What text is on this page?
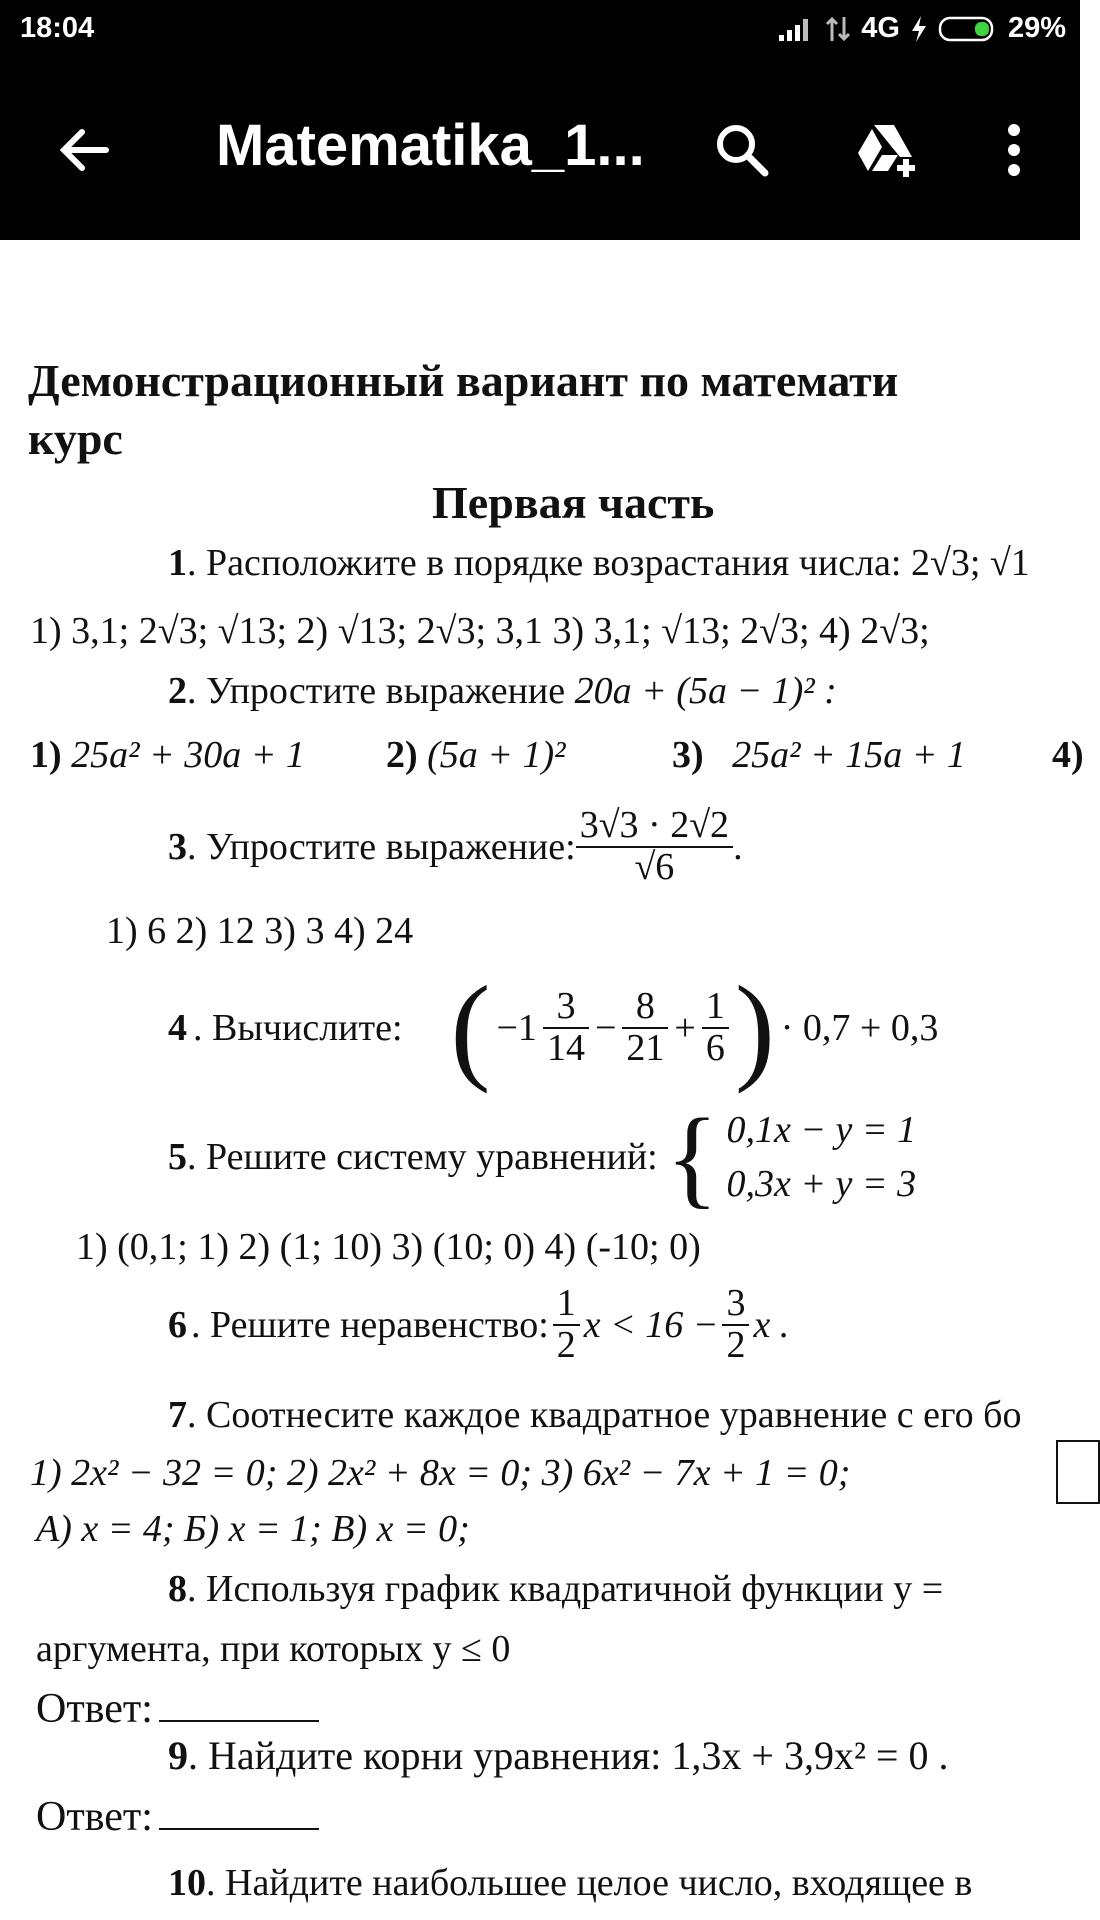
18:04	4G	29%
Matematika_1...
Демонстрационный вариант по математи
курс
Первая часть
1. Расположите в порядке возрастания числа: 2√3; √1
1) 3,1; 2√3; √13; 2) √13; 2√3; 3,1 3) 3,1; √13; 2√3; 4) 2√3;
2. Упростите выражение 20a + (5a − 1)² :
1) 25a² + 30a + 1 2) (5a + 1)²	3) 25a² + 15a + 1 4)
3 . Упростите выражение: $\frac{3√3 \cdot 2√2}{√6}$ .
1) 6 2) 12 3) 3 4) 24
4 . Вычислите: ( $-1 \frac{3}{14} - \frac{8}{21} + \frac{1}{6}$ ) · 0,7 + 0,3
5 . Решите систему уравнений: { 0,1x − y = 1
0,3x + y = 3
1) (0,1; 1) 2) (1; 10) 3) (10; 0) 4) (-10; 0)
6 . Решите неравенство: $\frac{1}{2}$ $x < 16 - \frac{3}{2}$ x .
7. Соотнесите каждое квадратное уравнение с его бо
1) 2x² − 32 = 0; 2) 2x² + 8x = 0; 3) 6x² − 7x + 1 = 0;
А) x = 4; Б) x = 1; В) x = 0;
8. Используя график квадратичной функции y =
аргумента, при которых y ≤ 0
Ответ:
9. Найдите корни уравнения: 1,3x + 3,9x² = 0 .
Ответ:
10. Найдите наибольшее целое число, входящее в
